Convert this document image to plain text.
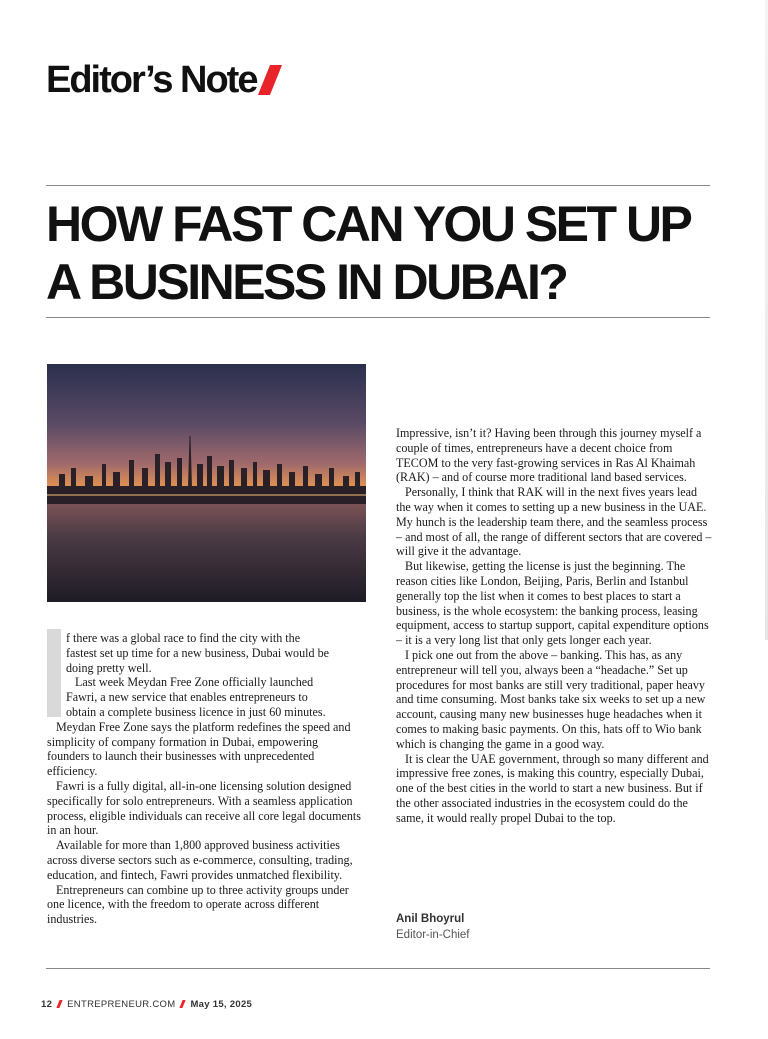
Editor’s Note
HOW FAST CAN YOU SET UP
A BUSINESS IN DUBAI?

f there was a global race to find the city with the
fastest set up time for a new business, Dubai would be
doing pretty well.
Last week Meydan Free Zone officially launched
Fawri, a new service that enables entrepreneurs to
obtain a complete business licence in just 60 minutes.

Meydan Free Zone says the platform redefines the speed and simplicity of company formation in Dubai, empowering founders to launch their businesses with unprecedented efficiency.

Fawri is a fully digital, all-in-one licensing solution designed specifically for solo entrepreneurs. With a seamless application process, eligible individuals can receive all core legal documents in an hour.

Available for more than 1,800 approved business activities across diverse sectors such as e-commerce, consulting, trading, education, and fintech, Fawri provides unmatched flexibility.

Entrepreneurs can combine up to three activity groups under one licence, with the freedom to operate across different industries.

Impressive, isn’t it? Having been through this journey myself a couple of times, entrepreneurs have a decent choice from TECOM to the very fast-growing services in Ras Al Khaimah (RAK) – and of course more traditional land based services.

Personally, I think that RAK will in the next fives years lead the way when it comes to setting up a new business in the UAE. My hunch is the leadership team there, and the seamless process – and most of all, the range of different sectors that are covered – will give it the advantage.

But likewise, getting the license is just the beginning. The reason cities like London, Beijing, Paris, Berlin and Istanbul generally top the list when it comes to best places to start a business, is the whole ecosystem: the banking process, leasing equipment, access to startup support, capital expenditure options – it is a very long list that only gets longer each year.

I pick one out from the above – banking. This has, as any entrepreneur will tell you, always been a “headache.” Set up procedures for most banks are still very traditional, paper heavy and time consuming. Most banks take six weeks to set up a new account, causing many new businesses huge headaches when it comes to making basic payments. On this, hats off to Wio bank which is changing the game in a good way.

It is clear the UAE government, through so many different and impressive free zones, is making this country, especially Dubai, one of the best cities in the world to start a new business. But if the other associated industries in the ecosystem could do the same, it would really propel Dubai to the top.

Anil Bhoyrul
Editor-in-Chief
12 ENTREPRENEUR.COM May 15, 2025
